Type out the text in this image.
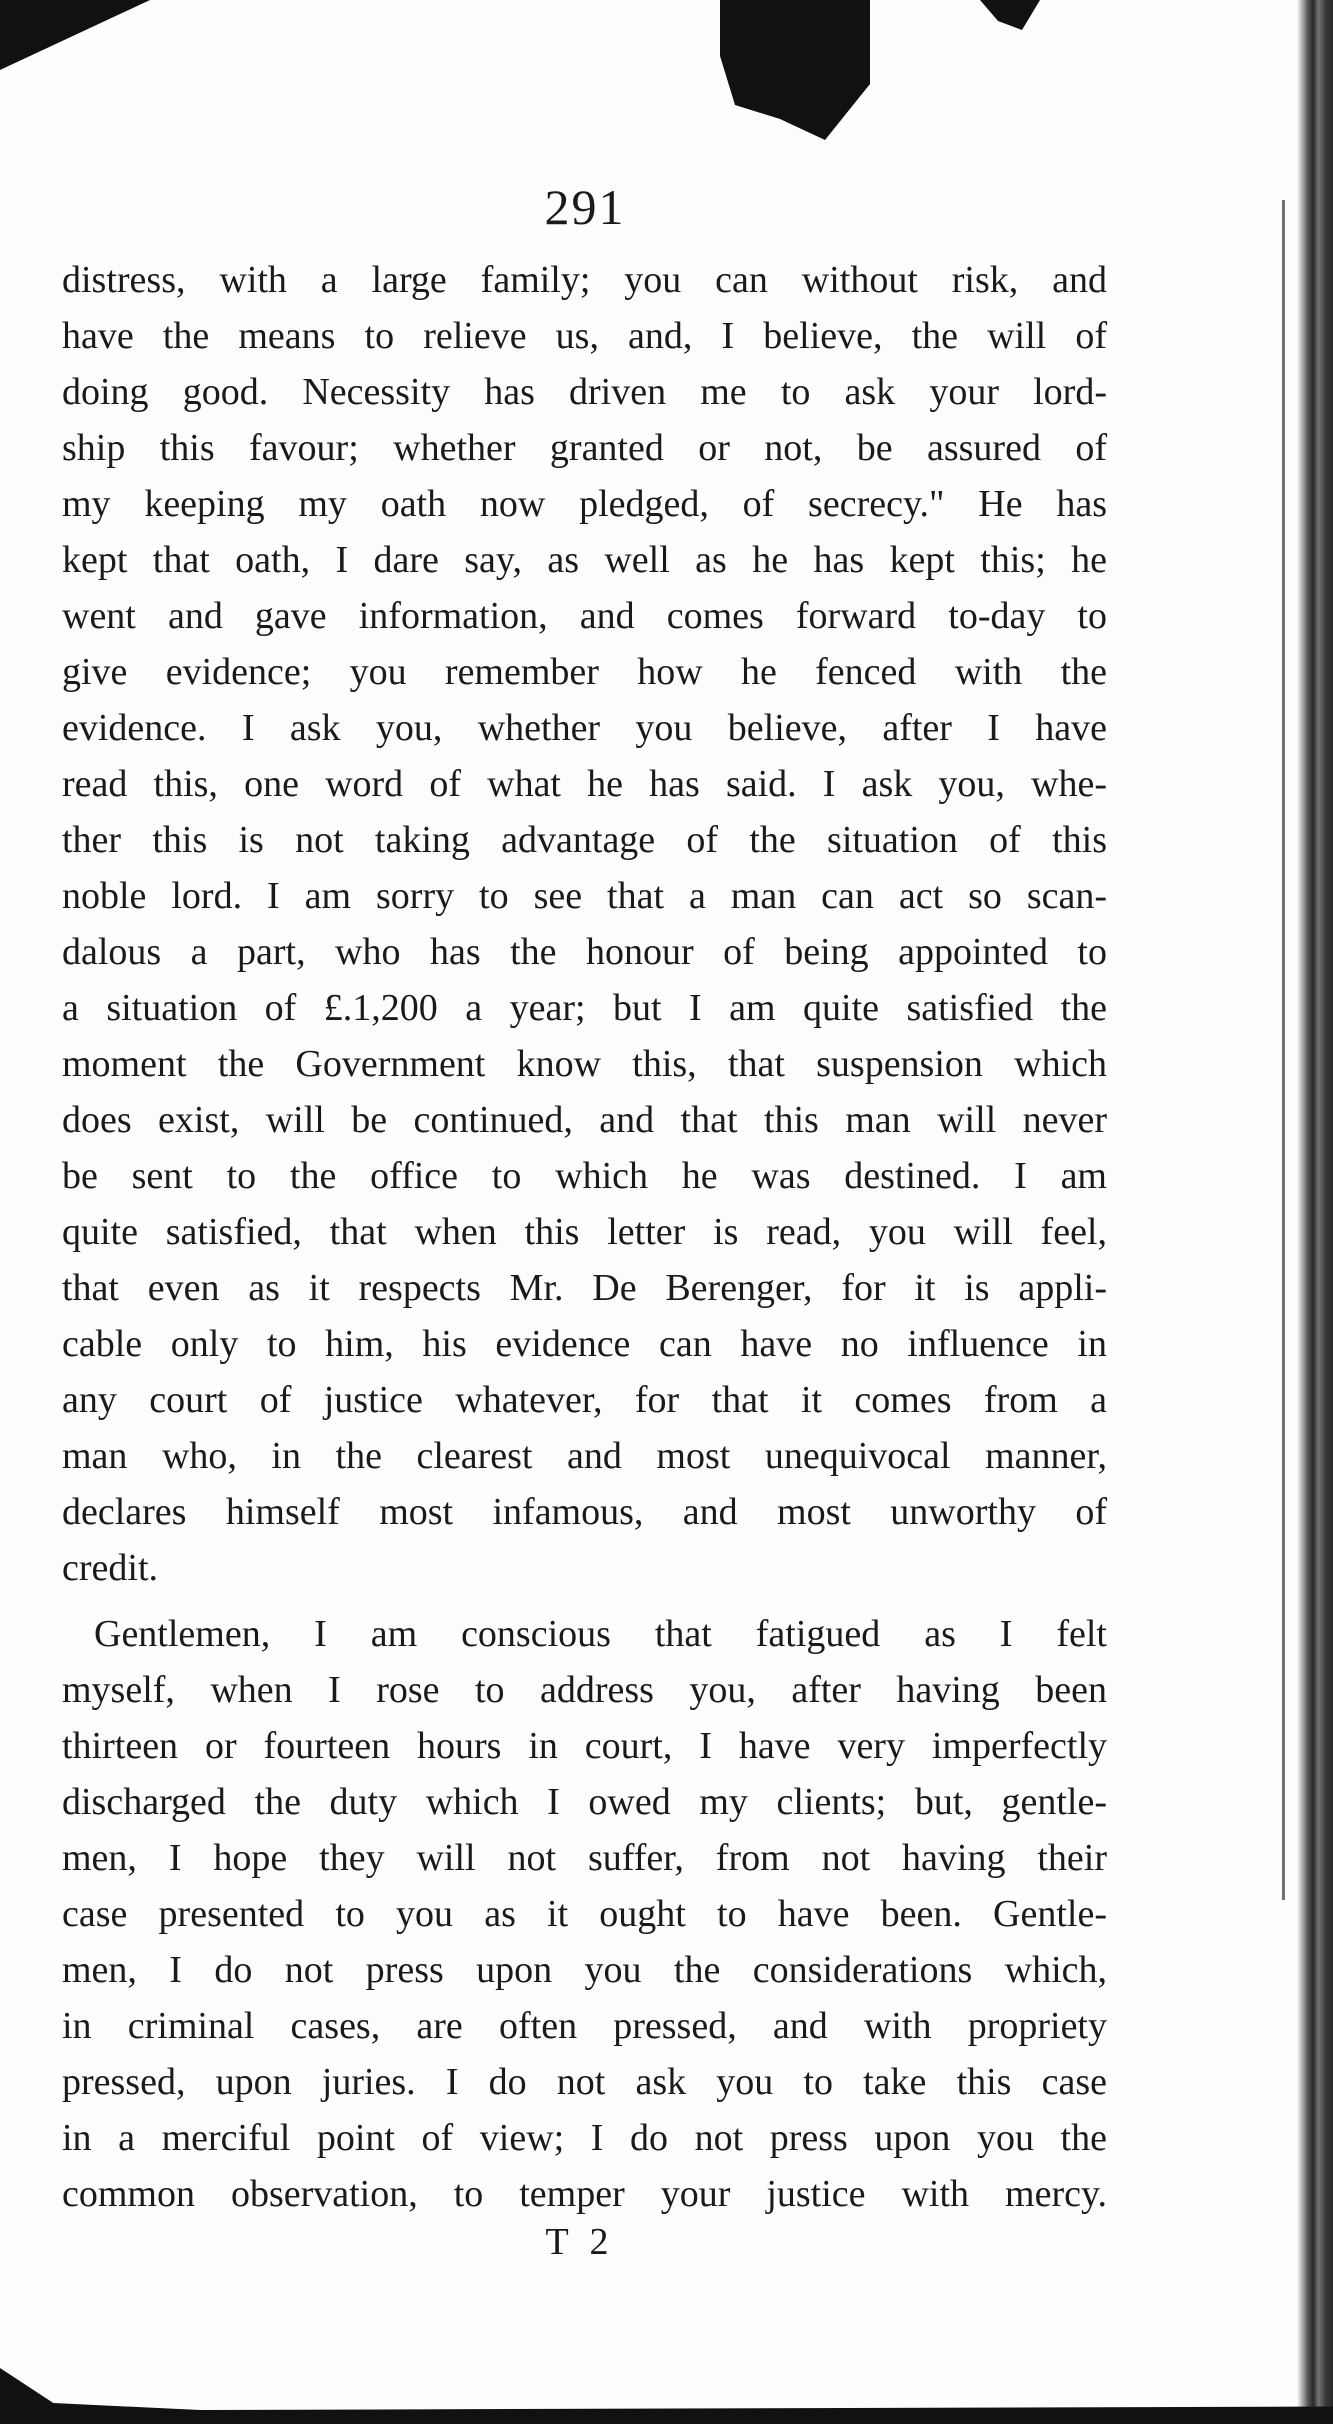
291
distress, with a large family; you can without risk, and
have the means to relieve us, and, I believe, the will of
doing good. Necessity has driven me to ask your lord-
ship this favour; whether granted or not, be assured of
my keeping my oath now pledged, of secrecy." He has
kept that oath, I dare say, as well as he has kept this; he
went and gave information, and comes forward to-day to
give evidence; you remember how he fenced with the
evidence. I ask you, whether you believe, after I have
read this, one word of what he has said. I ask you, whe-
ther this is not taking advantage of the situation of this
noble lord. I am sorry to see that a man can act so scan-
dalous a part, who has the honour of being appointed to
a situation of £.1,200 a year; but I am quite satisfied the
moment the Government know this, that suspension which
does exist, will be continued, and that this man will never
be sent to the office to which he was destined. I am
quite satisfied, that when this letter is read, you will feel,
that even as it respects Mr. De Berenger, for it is appli-
cable only to him, his evidence can have no influence in
any court of justice whatever, for that it comes from a
man who, in the clearest and most unequivocal manner,
declares himself most infamous, and most unworthy of
credit.
Gentlemen, I am conscious that fatigued as I felt
myself, when I rose to address you, after having been
thirteen or fourteen hours in court, I have very imperfectly
discharged the duty which I owed my clients; but, gentle-
men, I hope they will not suffer, from not having their
case presented to you as it ought to have been. Gentle-
men, I do not press upon you the considerations which,
in criminal cases, are often pressed, and with propriety
pressed, upon juries. I do not ask you to take this case
in a merciful point of view; I do not press upon you the
common observation, to temper your justice with mercy.
T 2
